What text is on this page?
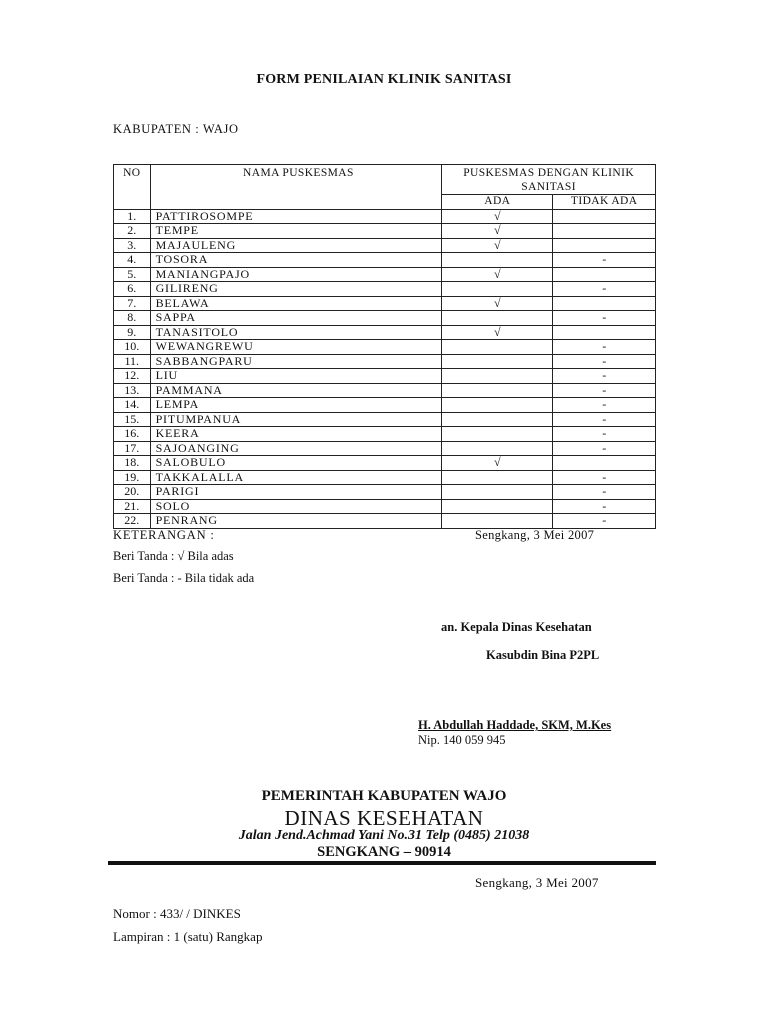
FORM PENILAIAN KLINIK SANITASI
KABUPATEN : WAJO
NO	NAMA PUSKESMAS	PUSKESMAS DENGAN KLINIK SANITASI	
		ADA	TIDAK ADA
1.	PATTIROSOMPE	√	
2.	TEMPE	√	
3.	MAJAULENG	√	
4.	TOSORA		-
5.	MANIANGPAJO	√	
6.	GILIRENG		-
7.	BELAWA	√	
8.	SAPPA		-
9.	TANASITOLO	√	
10.	WEWANGREWU		-
11.	SABBANGPARU		-
12.	LIU		-
13.	PAMMANA		-
14.	LEMPA		-
15.	PITUMPANUA		-
16.	KEERA		-
17.	SAJOANGING		-
18.	SALOBULO	√	
19.	TAKKALALLA		-
20.	PARIGI		-
21.	SOLO		-
22.	PENRANG		-
KETERANGAN :	Sengkang, 3 Mei 2007
Beri Tanda : √ Bila adas
Beri Tanda : - Bila tidak ada
an. Kepala Dinas Kesehatan
Kasubdin Bina P2PL
H. Abdullah Haddade, SKM, M.Kes
Nip. 140 059 945
PEMERINTAH KABUPATEN WAJO
DINAS KESEHATAN
Jalan Jend.Achmad Yani No.31 Telp (0485) 21038
SENGKANG – 90914
Sengkang, 3 Mei 2007
Nomor : 433/ / DINKES
Lampiran : 1 (satu) Rangkap
